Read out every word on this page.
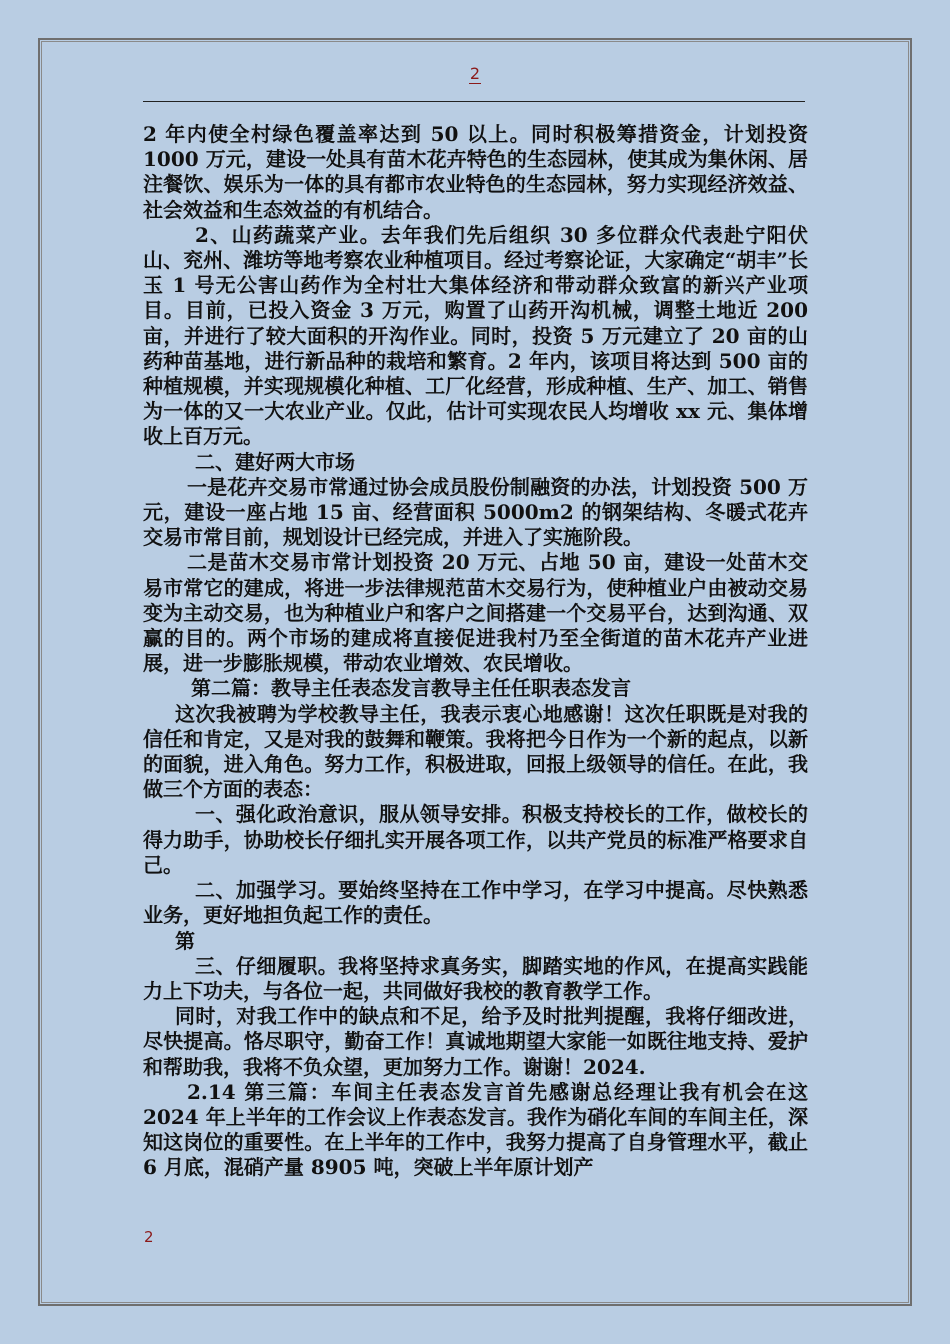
2

2 年内使全村绿色覆盖率达到 50 以上。同时积极筹措资金，计划投资 1000 万元，建设一处具有苗木花卉特色的生态园林，使其成为集休闲、居注餐饮、娱乐为一体的具有都市农业特色的生态园林，努力实现经济效益、社会效益和生态效益的有机结合。

2、山药蔬菜产业。去年我们先后组织 30 多位群众代表赴宁阳伏山、兖州、潍坊等地考察农业种植项目。经过考察论证，大家确定“胡丰”长玉 1 号无公害山药作为全村壮大集体经济和带动群众致富的新兴产业项目。目前，已投入资金 3 万元，购置了山药开沟机械，调整土地近 200 亩，并进行了较大面积的开沟作业。同时，投资 5 万元建立了 20 亩的山药种苗基地，进行新品种的栽培和繁育。2 年内，该项目将达到 500 亩的种植规模，并实现规模化种植、工厂化经营，形成种植、生产、加工、销售为一体的又一大农业产业。仅此，估计可实现农民人均增收 xx 元、集体增收上百万元。

二、建好两大市场

一是花卉交易市常通过协会成员股份制融资的办法，计划投资 500 万元，建设一座占地 15 亩、经营面积 5000m2 的钢架结构、冬暖式花卉交易市常目前，规划设计已经完成，并进入了实施阶段。

二是苗木交易市常计划投资 20 万元、占地 50 亩，建设一处苗木交易市常它的建成，将进一步法律规范苗木交易行为，使种植业户由被动交易变为主动交易，也为种植业户和客户之间搭建一个交易平台，达到沟通、双赢的目的。两个市场的建成将直接促进我村乃至全街道的苗木花卉产业进展，进一步膨胀规模，带动农业增效、农民增收。

第二篇：教导主任表态发言教导主任任职表态发言

这次我被聘为学校教导主任，我表示衷心地感谢！这次任职既是对我的信任和肯定，又是对我的鼓舞和鞭策。我将把今日作为一个新的起点，以新的面貌，进入角色。努力工作，积极进取，回报上级领导的信任。在此，我做三个方面的表态：

一、强化政治意识，服从领导安排。积极支持校长的工作，做校长的得力助手，协助校长仔细扎实开展各项工作，以共产党员的标准严格要求自己。

二、加强学习。要始终坚持在工作中学习，在学习中提高。尽快熟悉业务，更好地担负起工作的责任。

第

三、仔细履职。我将坚持求真务实，脚踏实地的作风，在提高实践能力上下功夫，与各位一起，共同做好我校的教育教学工作。

同时，对我工作中的缺点和不足，给予及时批判提醒，我将仔细改进，尽快提高。恪尽职守，勤奋工作！真诚地期望大家能一如既往地支持、爱护和帮助我，我将不负众望，更加努力工作。谢谢！2024.

2.14 第三篇：车间主任表态发言首先感谢总经理让我有机会在这 2024 年上半年的工作会议上作表态发言。我作为硝化车间的车间主任，深知这岗位的重要性。在上半年的工作中，我努力提高了自身管理水平，截止 6 月底，混硝产量 8905 吨，突破上半年原计划产

2
